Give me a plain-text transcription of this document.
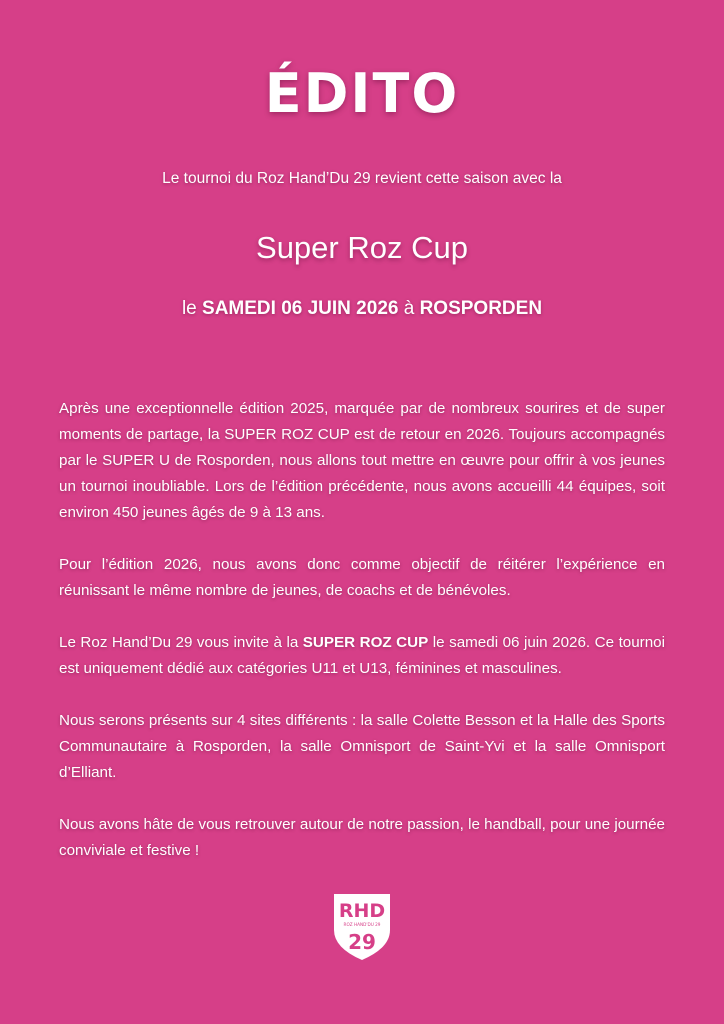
ÉDITO
Le tournoi du Roz Hand’Du 29 revient cette saison avec la
Super Roz Cup
le SAMEDI 06 JUIN 2026 à ROSPORDEN

Après une exceptionnelle édition 2025, marquée par de nombreux sourires et de super moments de partage, la SUPER ROZ CUP est de retour en 2026. Toujours accompagnés par le SUPER U de Rosporden, nous allons tout mettre en œuvre pour offrir à vos jeunes un tournoi inoubliable. Lors de l’édition précédente, nous avons accueilli 44 équipes, soit environ 450 jeunes âgés de 9 à 13 ans.

Pour l’édition 2026, nous avons donc comme objectif de réitérer l’expérience en réunissant le même nombre de jeunes, de coachs et de bénévoles.

Le Roz Hand’Du 29 vous invite à la SUPER ROZ CUP le samedi 06 juin 2026. Ce tournoi est uniquement dédié aux catégories U11 et U13, féminines et masculines.

Nous serons présents sur 4 sites différents : la salle Colette Besson et la Halle des Sports Communautaire à Rosporden, la salle Omnisport de Saint-Yvi et la salle Omnisport d’Elliant.

Nous avons hâte de vous retrouver autour de notre passion, le handball, pour une journée conviviale et festive !

RHD
ROZ HAND'DU 29
29
